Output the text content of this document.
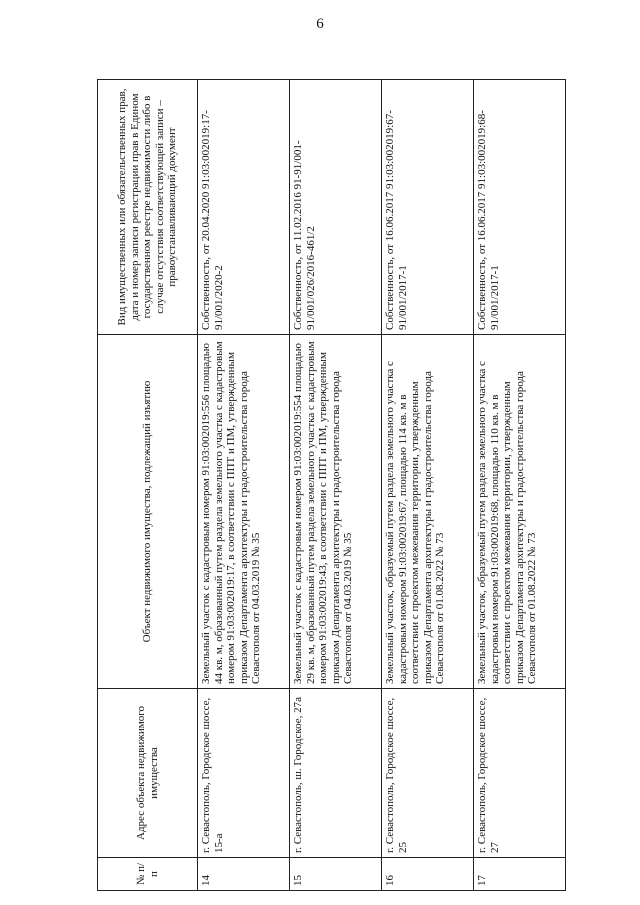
6
№ п/п	Адрес объекта недвижимого имущества	Объект недвижимого имущества, подлежащий изъятию	Вид имущественных или обязательственных прав, дата и номер записи регистрации прав в Едином государственном реестре недвижимости либо в случае отсутствия соответствующей записи – правоустанавливающий документ
14	г. Севастополь, Городское шоссе, 15-а	Земельный участок с кадастровым номером 91:03:002019:556 площадью 44 кв. м, образованный путем раздела земельного участка с кадастровым номером 91:03:002019:17, в соответствии с ППТ и ПМ, утвержденным приказом Департамента архитектуры и градостроительства города Севастополя от 04.03.2019 № 35	Собственность, от 20.04.2020 91:03:002019:17-91/001/2020-2
15	г. Севастополь, ш. Городское, 27а	Земельный участок с кадастровым номером 91:03:002019:554 площадью 29 кв. м, образованный путем раздела земельного участка с кадастровым номером 91:03:002019:43, в соответствии с ППТ и ПМ, утвержденным приказом Департамента архитектуры и градостроительства города Севастополя от 04.03.2019 № 35	Собственность, от 11.02.2016 91-91/001-91/001/026/2016-461/2
16	г. Севастополь, Городское шоссе, 25	Земельный участок, образуемый путем раздела земельного участка с кадастровым номером 91:03:002019:67, площадью 114 кв. м в соответствии с проектом межевания территории, утвержденным приказом Департамента архитектуры и градостроительства города Севастополя от 01.08.2022 № 73	Собственность, от 16.06.2017 91:03:002019:67-91/001/2017-1
17	г. Севастополь, Городское шоссе, 27	Земельный участок, образуемый путем раздела земельного участка с кадастровым номером 91:03:002019:68, площадью 110 кв. м в соответствии с проектом межевания территории, утвержденным приказом Департамента архитектуры и градостроительства города Севастополя от 01.08.2022 № 73	Собственность, от 16.06.2017 91:03:002019:68-91/001/2017-1
